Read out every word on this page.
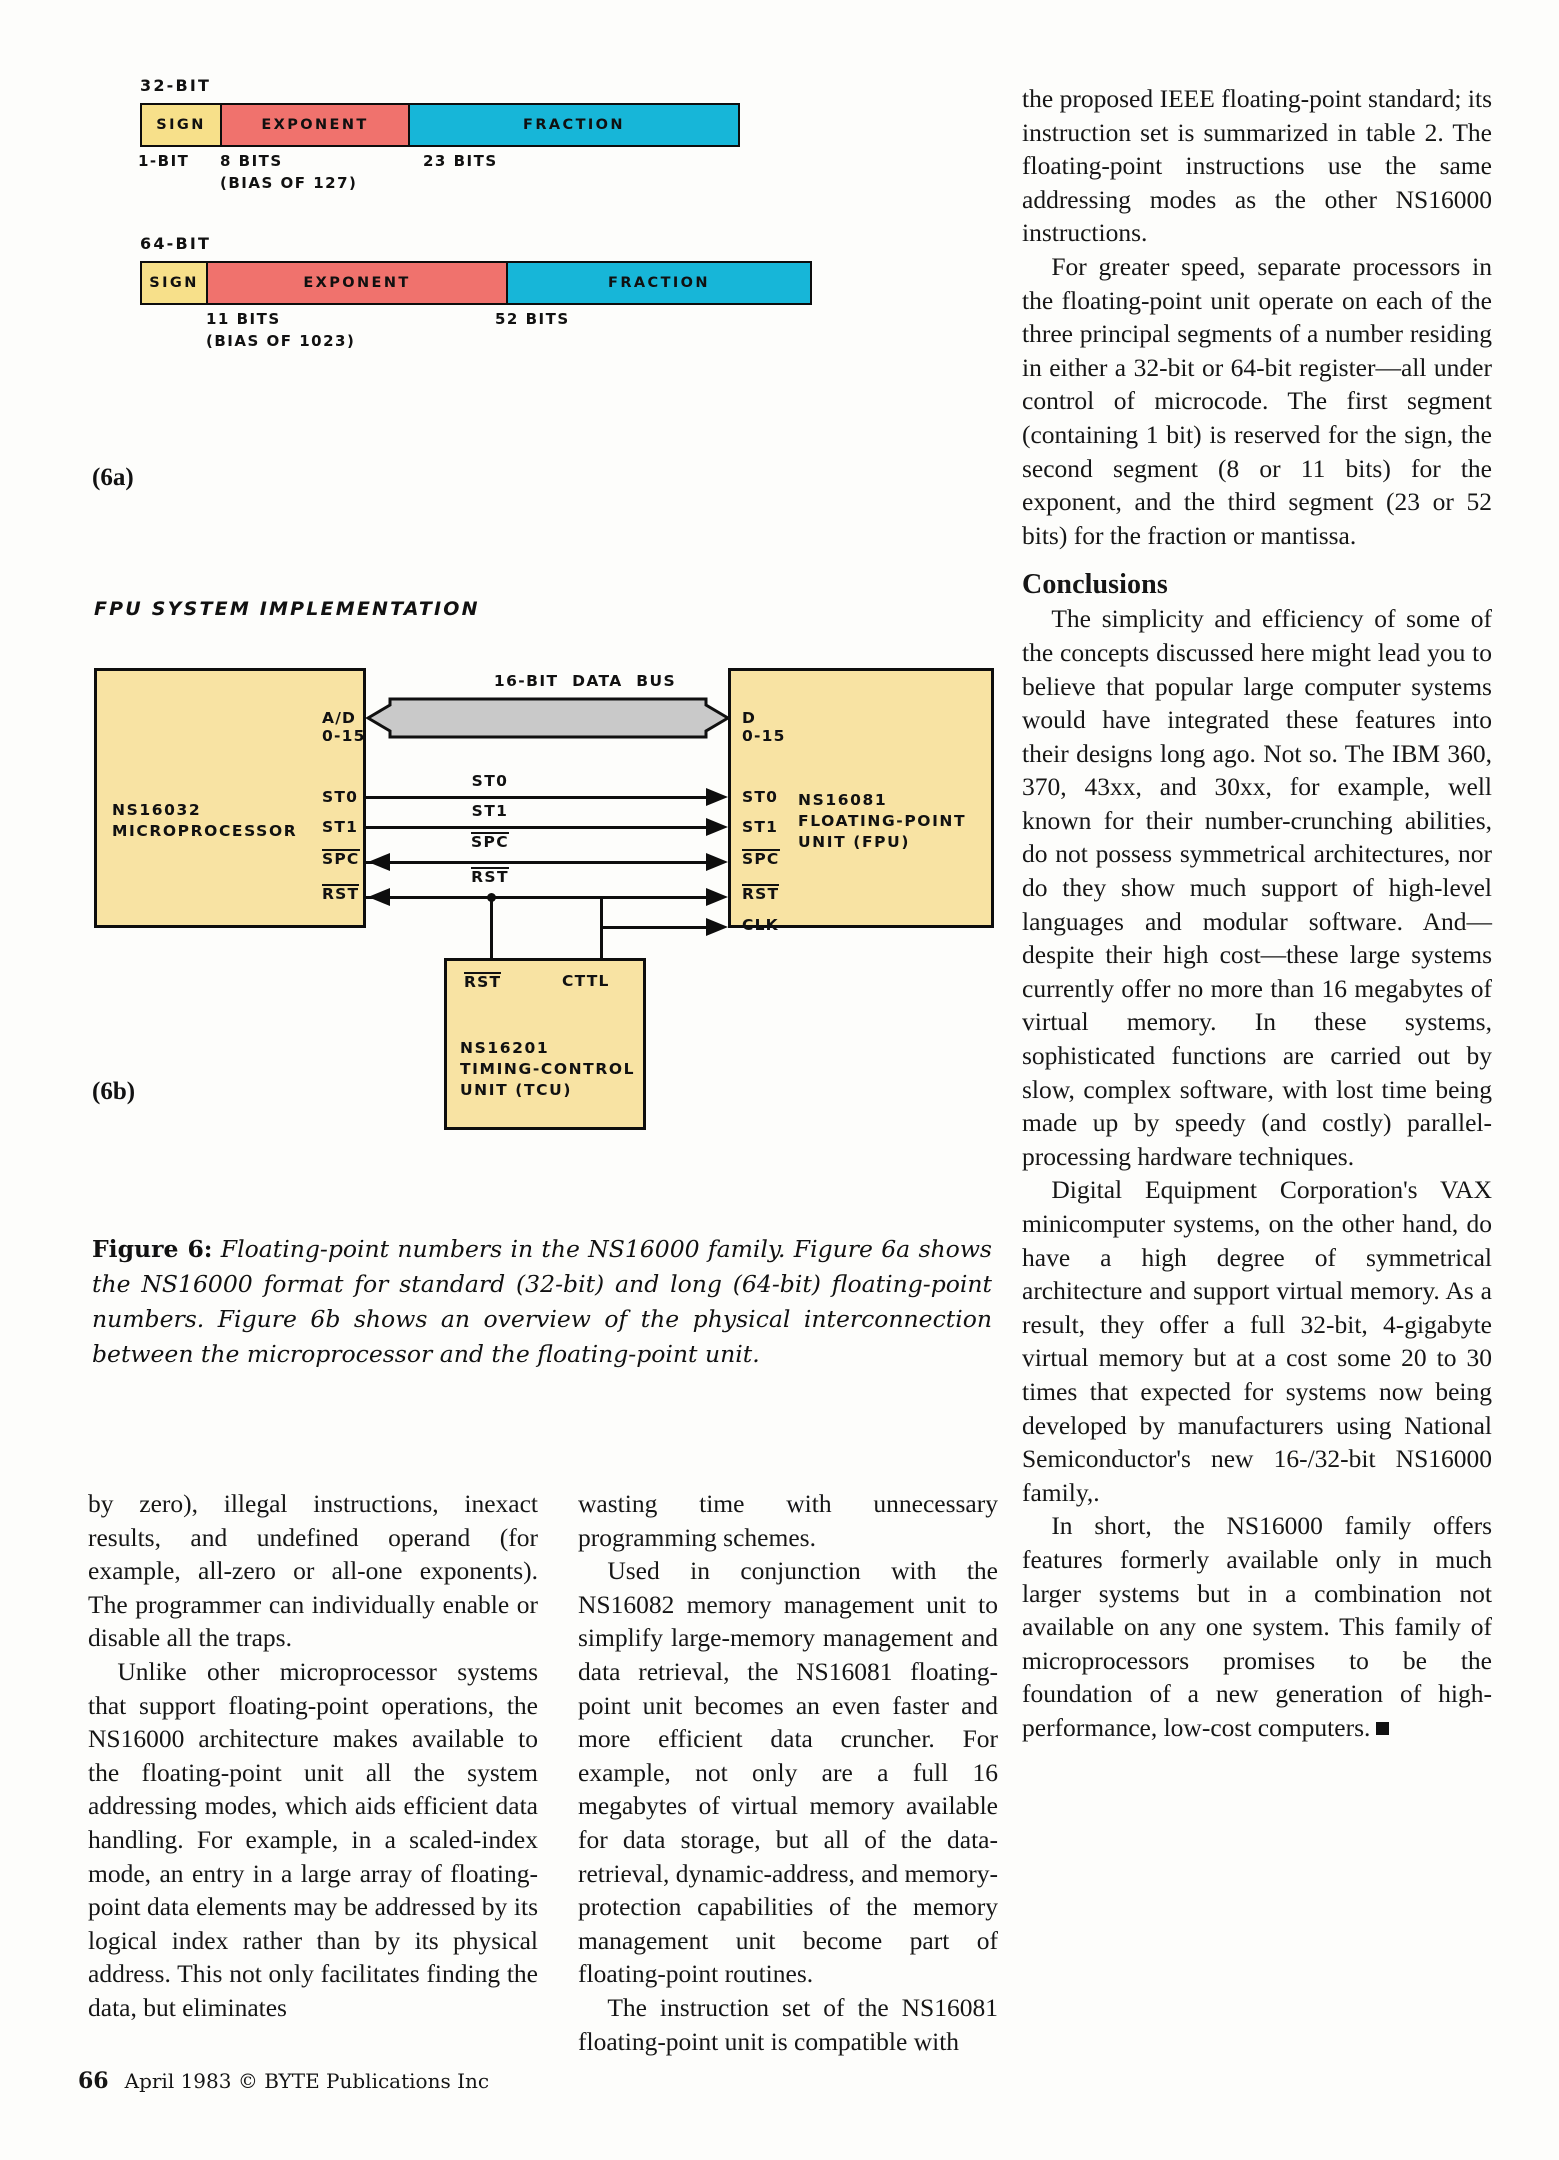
32-BIT
SIGN	EXPONENT	FRACTION
1-BIT 8 BITS
(BIAS OF 127)
23 BITS
64-BIT
SIGN	EXPONENT	FRACTION
11 BITS
(BIAS OF 1023)
52 BITS
(6a)
FPU SYSTEM IMPLEMENTATION
NS16032
MICROPROCESSOR
A/D
0-15
ST0
ST1
SPC
RST
NS16081
FLOATING-POINT
UNIT (FPU)
D
0-15
ST0
ST1
SPC
RST
CLK
RST	CTTL
NS16201
TIMING-CONTROL
UNIT (TCU)
16-BIT  DATA  BUS
ST0
ST1
SPC
RST
(6b)
Figure 6: Floating-point numbers in the NS16000 family. Figure 6a shows the NS16000 format for standard (32-bit) and long (64-bit) floating-point numbers. Figure 6b shows an overview of the physical interconnection between the microprocessor and the floating-point unit.

the proposed IEEE floating-point standard; its instruction set is summarized in table 2. The floating-point instructions use the same addressing modes as the other NS16000 instructions.

For greater speed, separate processors in the floating-point unit operate on each of the three principal segments of a number residing in either a 32-bit or 64-bit register—all under control of microcode. The first segment (containing 1 bit) is reserved for the sign, the second segment (8 or 11 bits) for the exponent, and the third segment (23 or 52 bits) for the fraction or mantissa.

Conclusions

The simplicity and efficiency of some of the concepts discussed here might lead you to believe that popular large computer systems would have integrated these features into their designs long ago. Not so. The IBM 360, 370, 43xx, and 30xx, for example, well known for their number-crunching abilities, do not possess symmetrical architectures, nor do they show much support of high-level languages and modular software. And—despite their high cost—these large systems currently offer no more than 16 megabytes of virtual memory. In these systems, sophisticated functions are carried out by slow, complex software, with lost time being made up by speedy (and costly) parallel-processing hardware techniques.

Digital Equipment Corporation's VAX minicomputer systems, on the other hand, do have a high degree of symmetrical architecture and support virtual memory. As a result, they offer a full 32-bit, 4-gigabyte virtual memory but at a cost some 20 to 30 times that expected for systems now being developed by manufacturers using National Semiconductor's new 16-/32-bit NS16000 family,.

In short, the NS16000 family offers features formerly available only in much larger systems but in a combination not available on any one system. This family of microprocessors promises to be the foundation of a new generation of high-performance, low-cost computers.

by zero), illegal instructions, inexact results, and undefined operand (for example, all-zero or all-one exponents). The programmer can individually enable or disable all the traps.

Unlike other microprocessor systems that support floating-point operations, the NS16000 architecture makes available to the floating-point unit all the system addressing modes, which aids efficient data handling. For example, in a scaled-index mode, an entry in a large array of floating-point data elements may be addressed by its logical index rather than by its physical address. This not only facilitates finding the data, but eliminates

wasting time with unnecessary programming schemes.

Used in conjunction with the NS16082 memory management unit to simplify large-memory management and data retrieval, the NS16081 floating-point unit becomes an even faster and more efficient data cruncher. For example, not only are a full 16 megabytes of virtual memory available for data storage, but all of the data-retrieval, dynamic-address, and memory-protection capabilities of the memory management unit become part of floating-point routines.

The instruction set of the NS16081 floating-point unit is compatible with

66 April 1983 © BYTE Publications Inc
